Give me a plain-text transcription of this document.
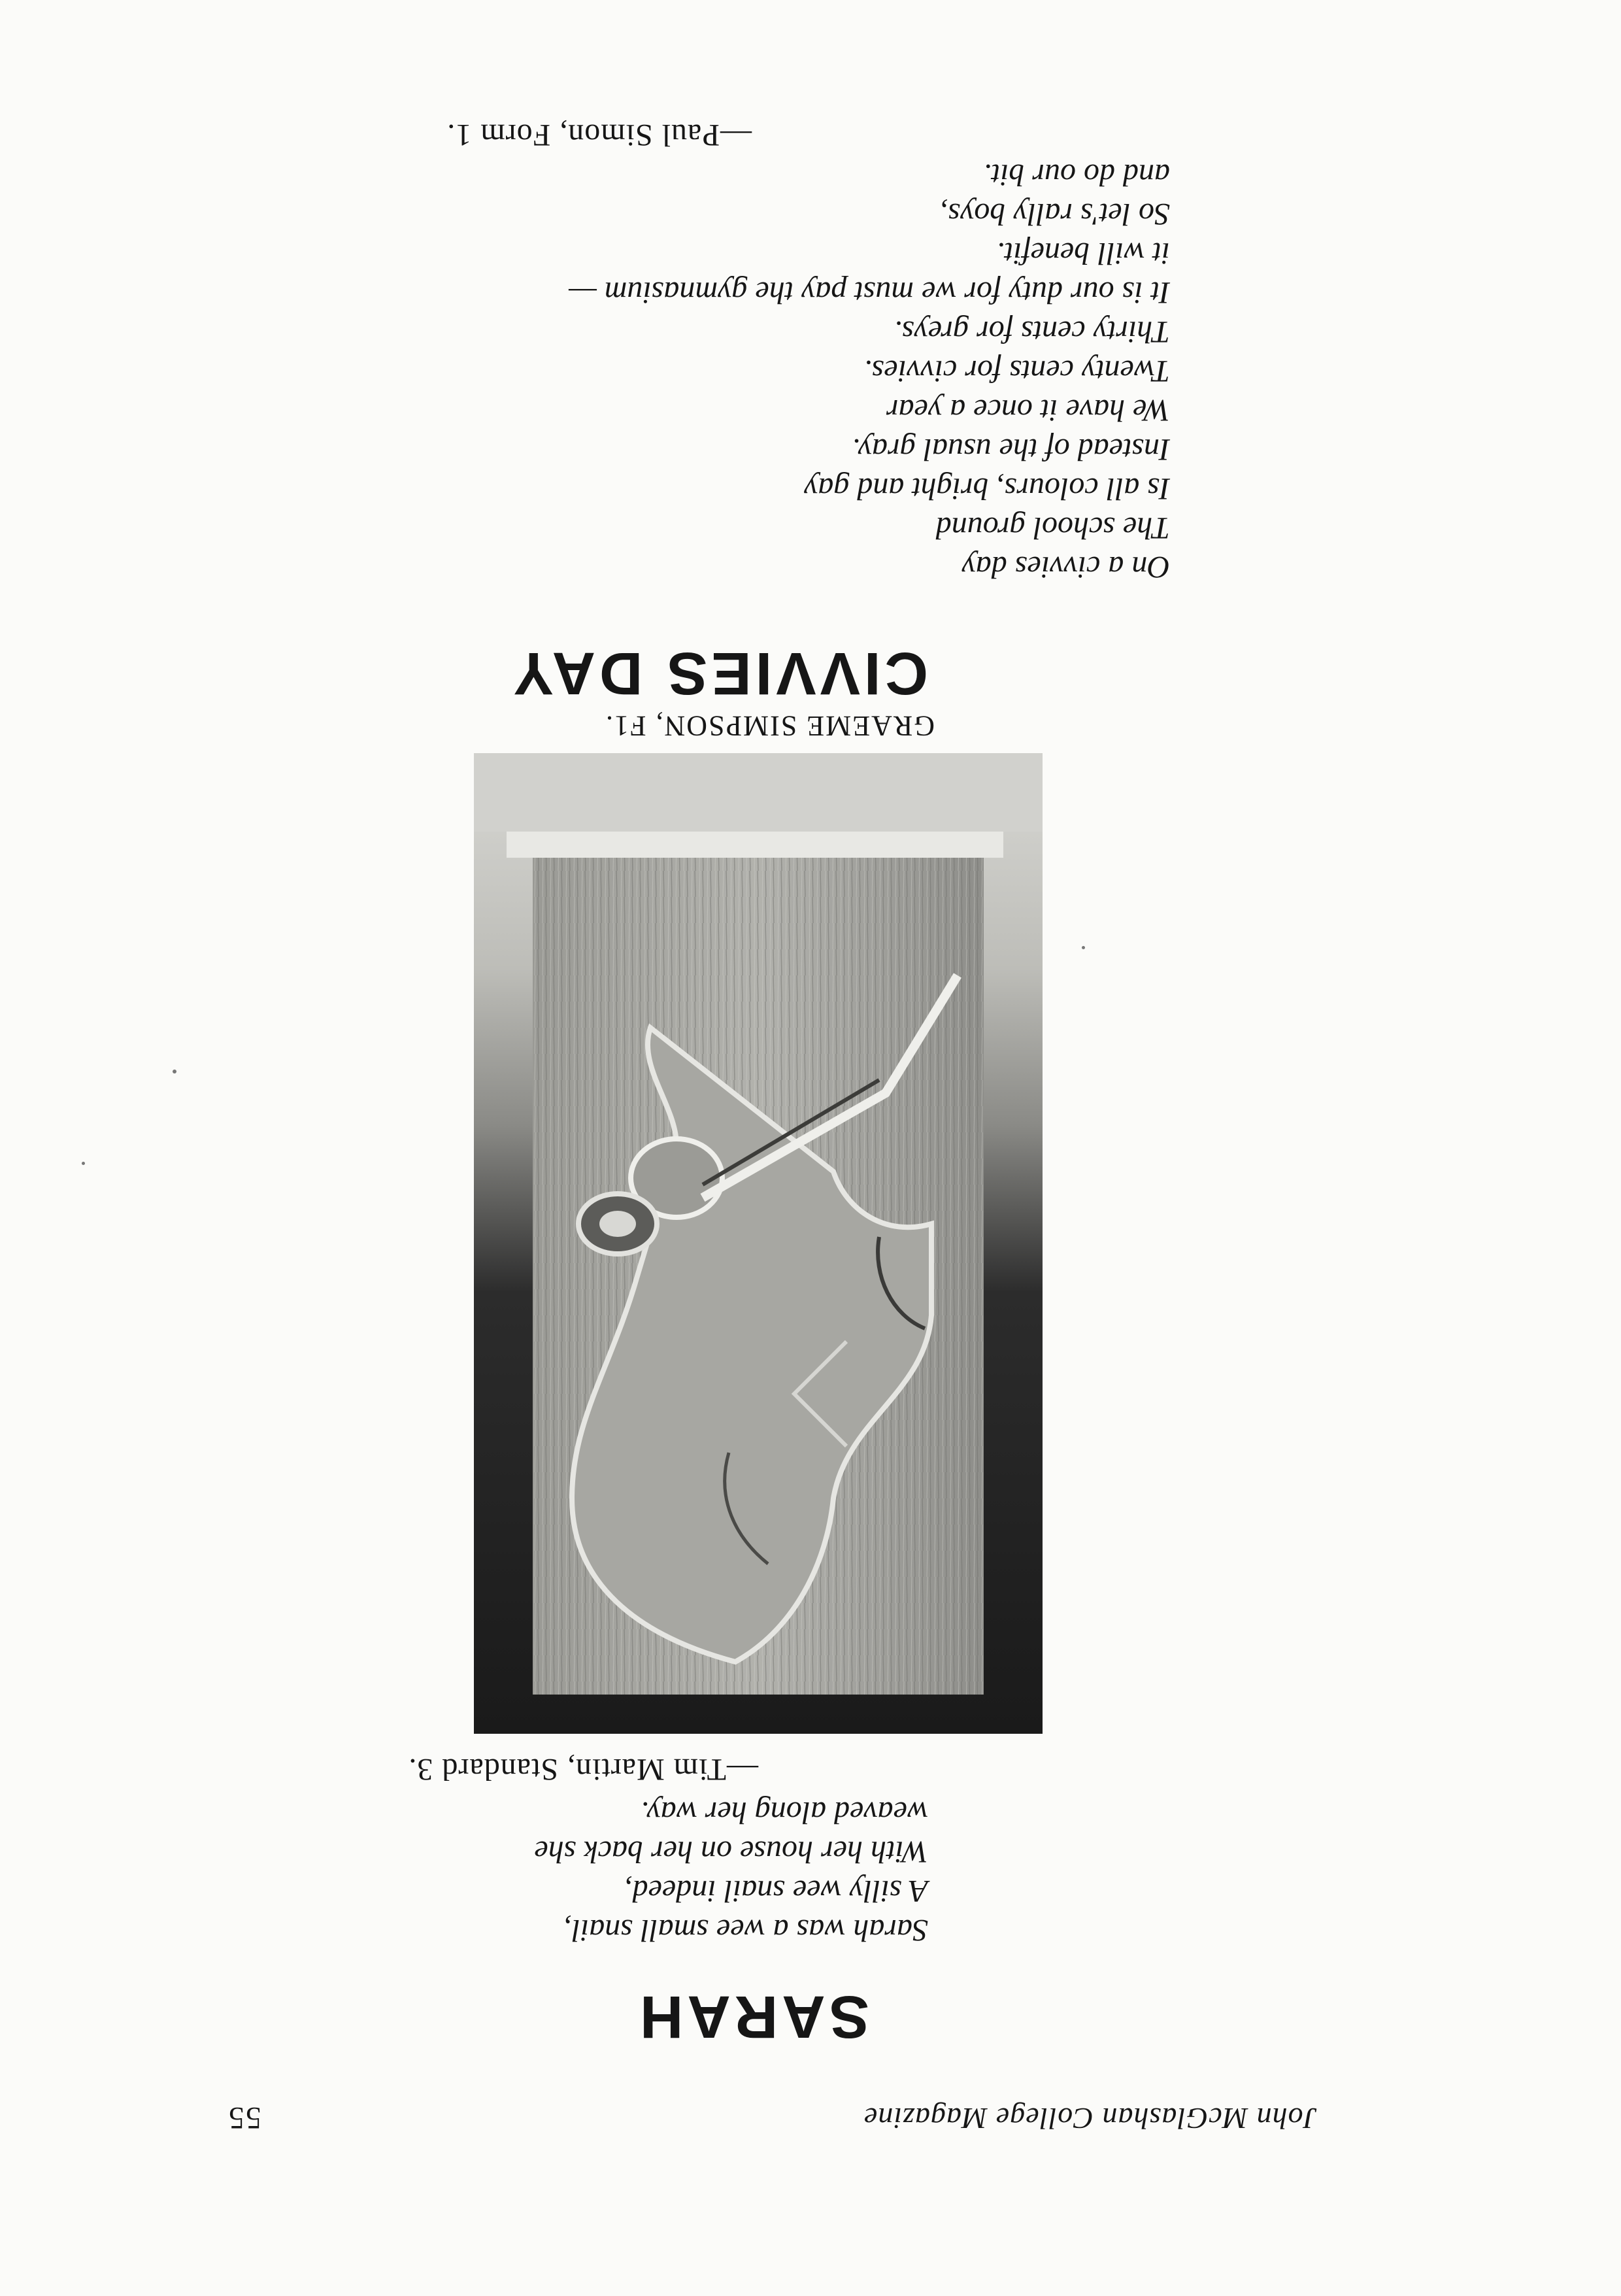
55	John McGlashan College Magazine
SARAH
Sarah was a wee small snail,
A silly wee snail indeed,
With her house on her back she
weaved along her way.
—Tim Martin, Standard 3.
GRAEME SIMPSON, F1.
CIVVIES DAY
On a civvies day
The school ground
Is all colours, bright and gay
Instead of the usual gray.
We have it once a year
Twenty cents for civvies.
Thirty cents for greys.
It is our duty for we must pay the gymnasium —
it will benefit.
So let's rally boys,
and do our bit.
—Paul Simon, Form 1.
